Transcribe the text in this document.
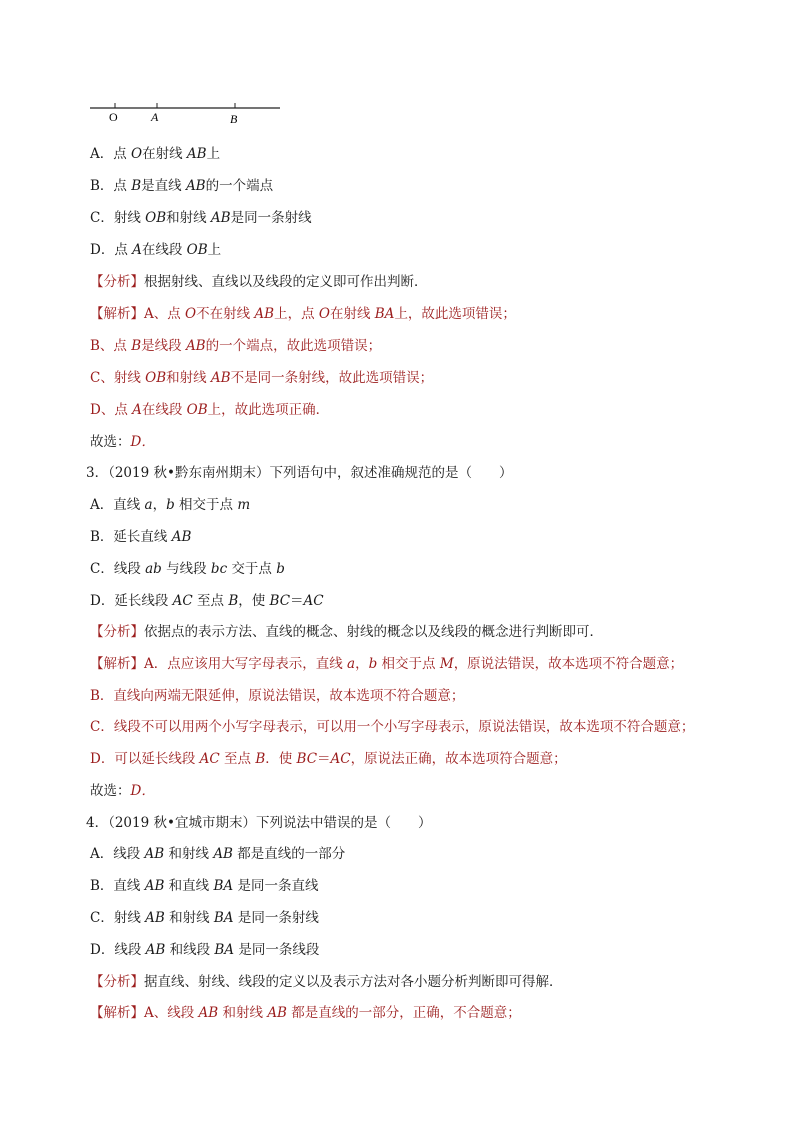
O	A	B
A．点 O在射线 AB上
B．点 B是直线 AB的一个端点
C．射线 OB和射线 AB是同一条射线
D．点 A在线段 OB上
【分析】根据射线、直线以及线段的定义即可作出判断．
【解析】A、点 O不在射线 AB上，点 O在射线 BA上，故此选项错误；
B、点 B是线段 AB的一个端点，故此选项错误；
C、射线 OB和射线 AB不是同一条射线，故此选项错误；
D、点 A在线段 OB上，故此选项正确．
故选：D．
3．（2019 秋•黔东南州期末）下列语句中，叙述准确规范的是（　　）
A．直线 a，b 相交于点 m
B．延长直线 AB
C．线段 ab 与线段 bc 交于点 b
D．延长线段 AC 至点 B，使 BC＝AC
【分析】依据点的表示方法、直线的概念、射线的概念以及线段的概念进行判断即可．
【解析】A．点应该用大写字母表示，直线 a，b 相交于点 M，原说法错误，故本选项不符合题意；
B．直线向两端无限延伸，原说法错误，故本选项不符合题意；
C．线段不可以用两个小写字母表示，可以用一个小写字母表示，原说法错误，故本选项不符合题意；
D．可以延长线段 AC 至点 B．使 BC＝AC，原说法正确，故本选项符合题意；
故选：D．
4．（2019 秋•宜城市期末）下列说法中错误的是（　　）
A．线段 AB 和射线 AB 都是直线的一部分
B．直线 AB 和直线 BA 是同一条直线
C．射线 AB 和射线 BA 是同一条射线
D．线段 AB 和线段 BA 是同一条线段
【分析】据直线、射线、线段的定义以及表示方法对各小题分析判断即可得解．
【解析】A、线段 AB 和射线 AB 都是直线的一部分，正确，不合题意；
